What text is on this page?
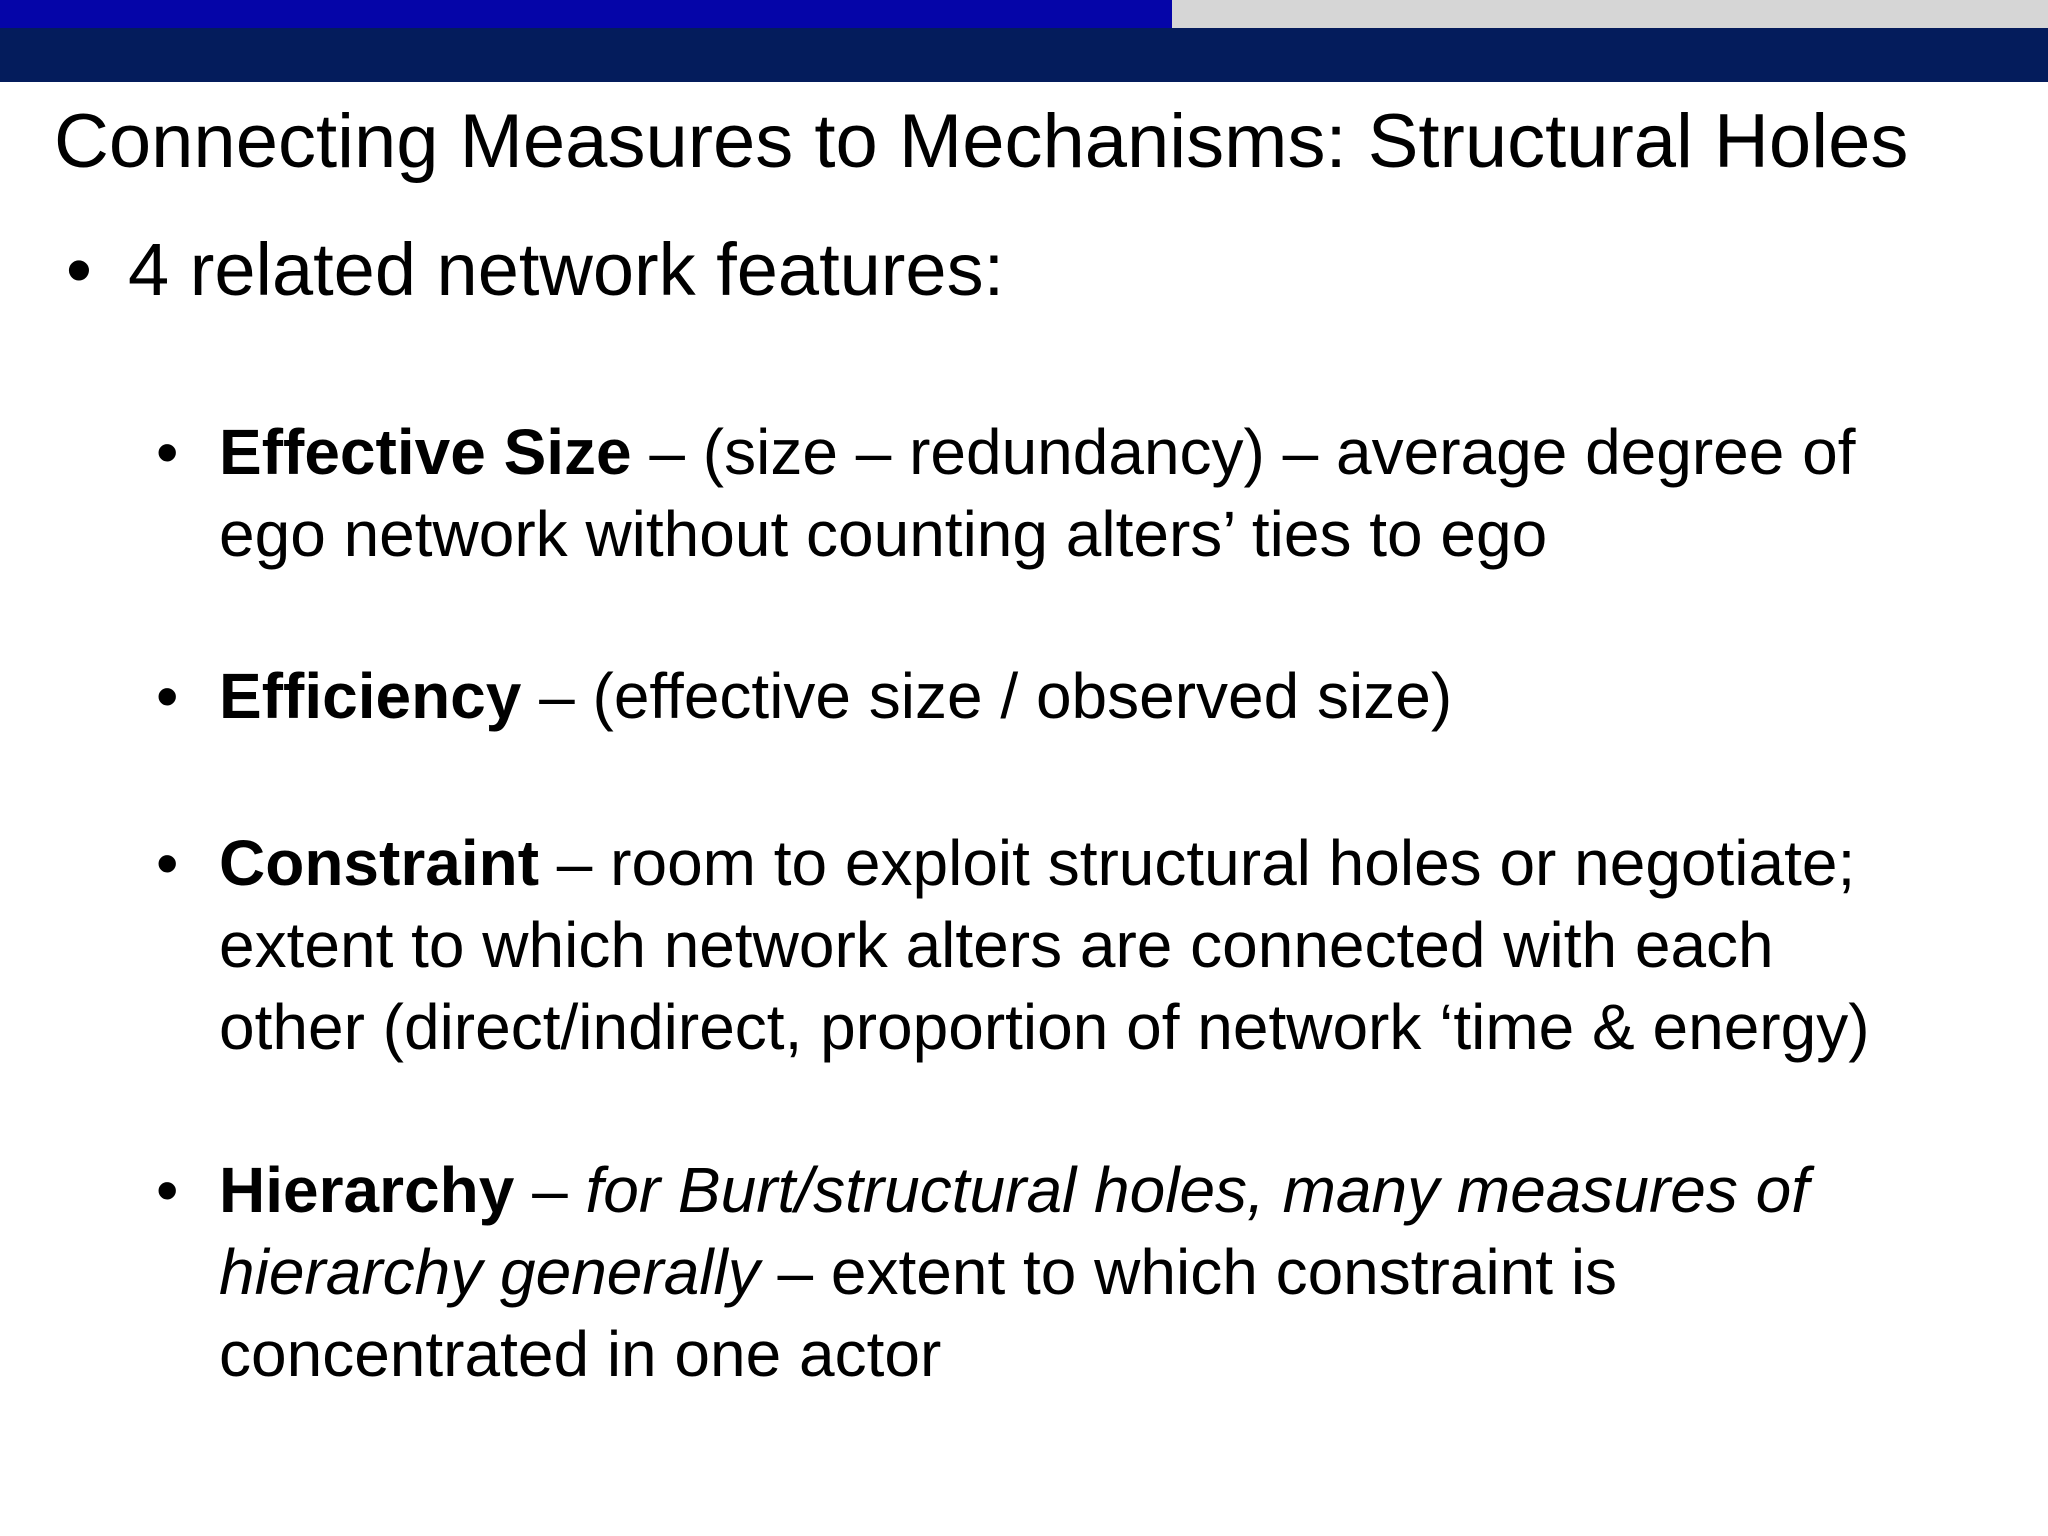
Connecting Measures to Mechanisms: Structural Holes
• 4 related network features:
• Effective Size – (size – redundancy) – average degree of
ego network without counting alters’ ties to ego
• Efficiency – (effective size / observed size)
• Constraint – room to exploit structural holes or negotiate;
extent to which network alters are connected with each
other (direct/indirect, proportion of network ‘time & energy)
• Hierarchy – for Burt/structural holes, many measures of
hierarchy generally – extent to which constraint is
concentrated in one actor
